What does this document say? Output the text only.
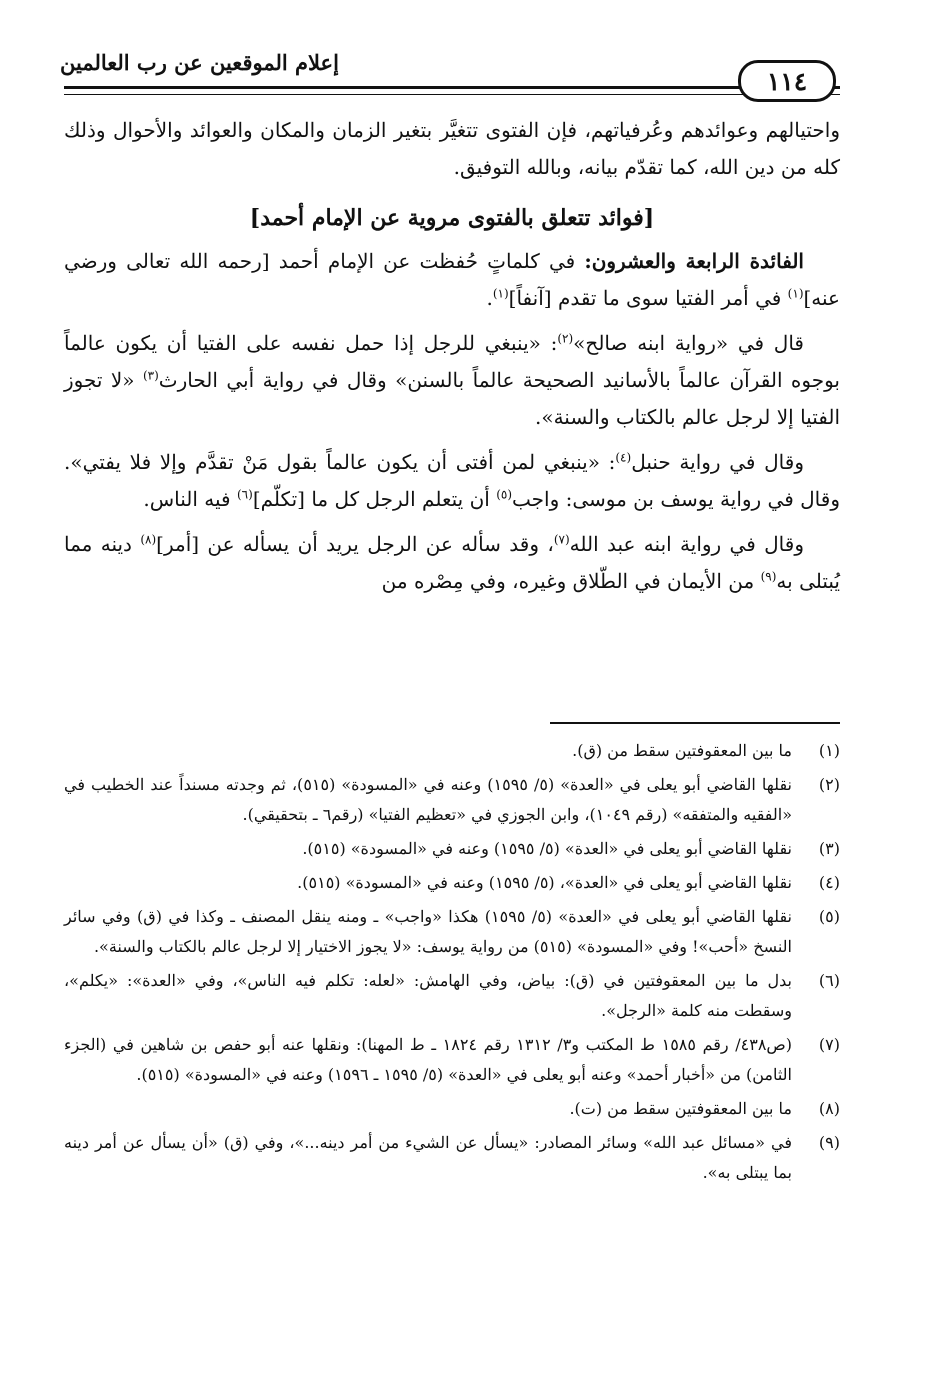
إعلام الموقعين عن رب العالمين
١١٤

واحتيالهم وعوائدهم وعُرفياتهم، فإن الفتوى تتغيَّر بتغير الزمان والمكان والعوائد والأحوال وذلك كله من دين الله، كما تقدّم بيانه، وبالله التوفيق.

[فوائد تتعلق بالفتوى مروية عن الإمام أحمد]

الفائدة الرابعة والعشرون: في كلماتٍ حُفظت عن الإمام أحمد [رحمه الله تعالى ورضي عنه]$^{(١)}$ في أمر الفتيا سوى ما تقدم [آنفاً]$^{(١)}$.

قال في «رواية ابنه صالح»$^{(٢)}$: «ينبغي للرجل إذا حمل نفسه على الفتيا أن يكون عالماً بوجوه القرآن عالماً بالأسانيد الصحيحة عالماً بالسنن» وقال في رواية أبي الحارث$^{(٣)}$ «لا تجوز الفتيا إلا لرجل عالم بالكتاب والسنة».

وقال في رواية حنبل$^{(٤)}$: «ينبغي لمن أفتى أن يكون عالماً بقول مَنْ تقدَّم وإلا فلا يفتي». وقال في رواية يوسف بن موسى: واجب$^{(٥)}$ أن يتعلم الرجل كل ما [تكلّم]$^{(٦)}$ فيه الناس.

وقال في رواية ابنه عبد الله$^{(٧)}$، وقد سأله عن الرجل يريد أن يسأله عن [أمر]$^{(٨)}$ دينه مما يُبتلى به$^{(٩)}$ من الأيمان في الطّلاق وغيره، وفي مِصْره من

(١)
ما بين المعقوفتين سقط من (ق).
(٢)
نقلها القاضي أبو يعلى في «العدة» (٥/ ١٥٩٥) وعنه في «المسودة» (٥١٥)، ثم وجدته مسنداً عند الخطيب في «الفقيه والمتفقه» (رقم ١٠٤٩)، وابن الجوزي في «تعظيم الفتيا» (رقم٦ ـ بتحقيقي).
(٣)
نقلها القاضي أبو يعلى في «العدة» (٥/ ١٥٩٥) وعنه في «المسودة» (٥١٥).
(٤)
نقلها القاضي أبو يعلى في «العدة»، (٥/ ١٥٩٥) وعنه في «المسودة» (٥١٥).
(٥)
نقلها القاضي أبو يعلى في «العدة» (٥/ ١٥٩٥) هكذا «واجب» ـ ومنه ينقل المصنف ـ وكذا في (ق) وفي سائر النسخ «أحب»! وفي «المسودة» (٥١٥) من رواية يوسف: «لا يجوز الاختيار إلا لرجل عالم بالكتاب والسنة».
(٦)
بدل ما بين المعقوفتين في (ق): بياض، وفي الهامش: «لعله: تكلم فيه الناس»، وفي «العدة»: «يكلم»، وسقطت منه كلمة «الرجل».
(٧)
(ص٤٣٨/ رقم ١٥٨٥ ط المكتب و٣/ ١٣١٢ رقم ١٨٢٤ ـ ط المهنا): ونقلها عنه أبو حفص بن شاهين في (الجزء الثامن) من «أخبار أحمد» وعنه أبو يعلى في «العدة» (٥/ ١٥٩٥ ـ ١٥٩٦) وعنه في «المسودة» (٥١٥).
(٨)
ما بين المعقوفتين سقط من (ت).
(٩)
في «مسائل عبد الله» وسائر المصادر: «يسأل عن الشيء من أمر دينه...»، وفي (ق) «أن يسأل عن أمر دينه بما يبتلى به».
